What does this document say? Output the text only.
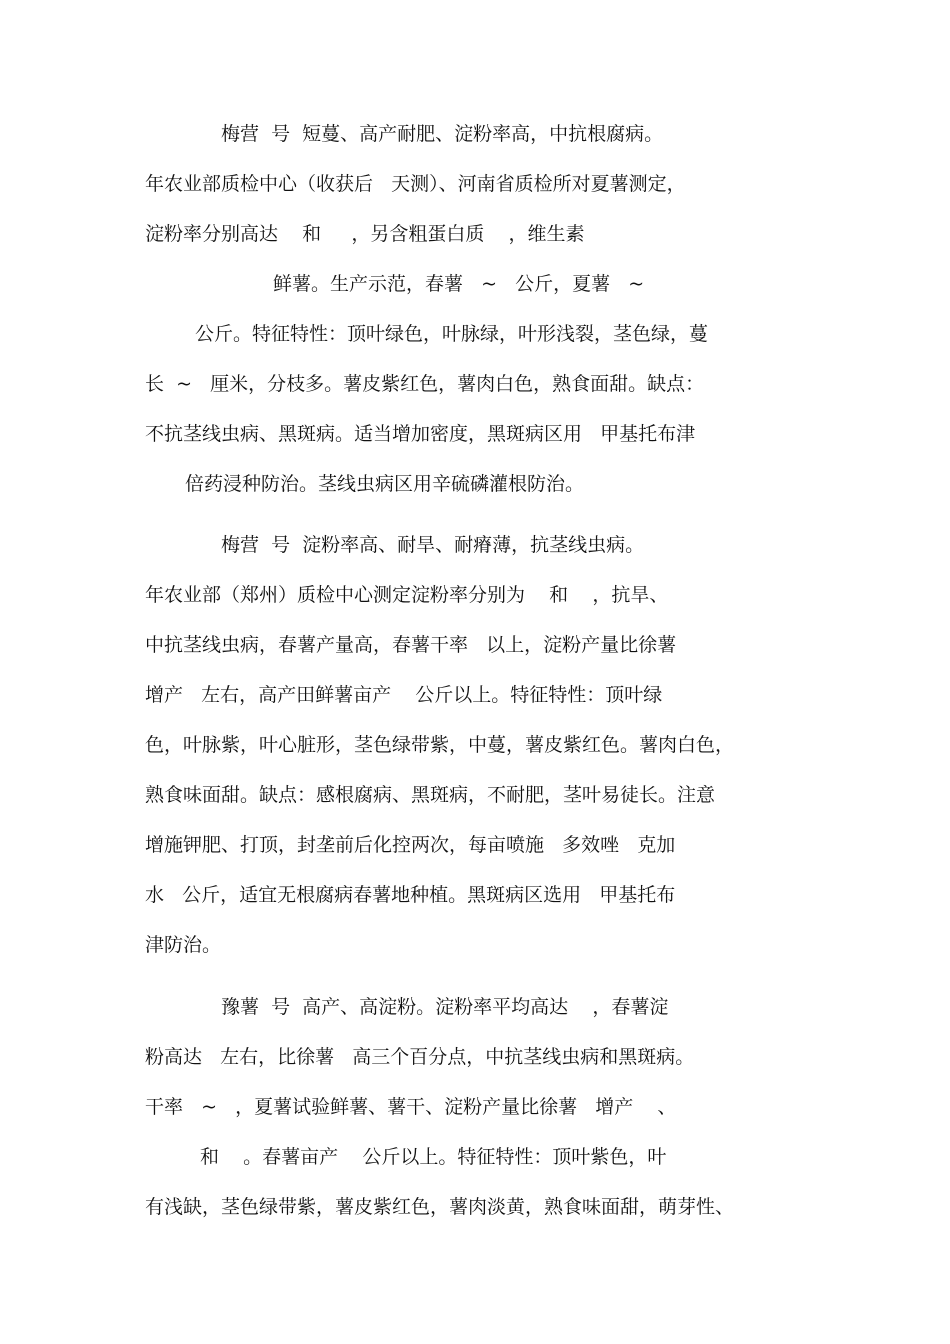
梅营  号  短蔓、高产耐肥、淀粉率高，中抗根腐病。

年农业部质检中心（收获后   天测）、河南省质检所对夏薯测定，

淀粉率分别高达    和     ，另含粗蛋白质    ，维生素

鲜薯。生产示范，春薯   ~   公斤，夏薯   ~

公斤。特征特性：顶叶绿色，叶脉绿，叶形浅裂，茎色绿，蔓

长  ~   厘米，分枝多。薯皮紫红色，薯肉白色，熟食面甜。缺点：

不抗茎线虫病、黑斑病。适当增加密度，黑斑病区用   甲基托布津

倍药浸种防治。茎线虫病区用辛硫磷灌根防治。

梅营  号  淀粉率高、耐旱、耐瘠薄，抗茎线虫病。

年农业部（郑州）质检中心测定淀粉率分别为    和    ，抗旱、

中抗茎线虫病，春薯产量高，春薯干率   以上，淀粉产量比徐薯

增产   左右，高产田鲜薯亩产    公斤以上。特征特性：顶叶绿

色，叶脉紫，叶心脏形，茎色绿带紫，中蔓，薯皮紫红色。薯肉白色，

熟食味面甜。缺点：感根腐病、黑斑病，不耐肥，茎叶易徒长。注意

增施钾肥、打顶，封垄前后化控两次，每亩喷施   多效唑   克加

水   公斤，适宜无根腐病春薯地种植。黑斑病区选用   甲基托布

津防治。

豫薯  号  高产、高淀粉。淀粉率平均高达    ，春薯淀

粉高达   左右，比徐薯   高三个百分点，中抗茎线虫病和黑斑病。

干率   ~   ，夏薯试验鲜薯、薯干、淀粉产量比徐薯   增产    、

和    。春薯亩产    公斤以上。特征特性：顶叶紫色，叶

有浅缺，茎色绿带紫，薯皮紫红色，薯肉淡黄，熟食味面甜，萌芽性、
